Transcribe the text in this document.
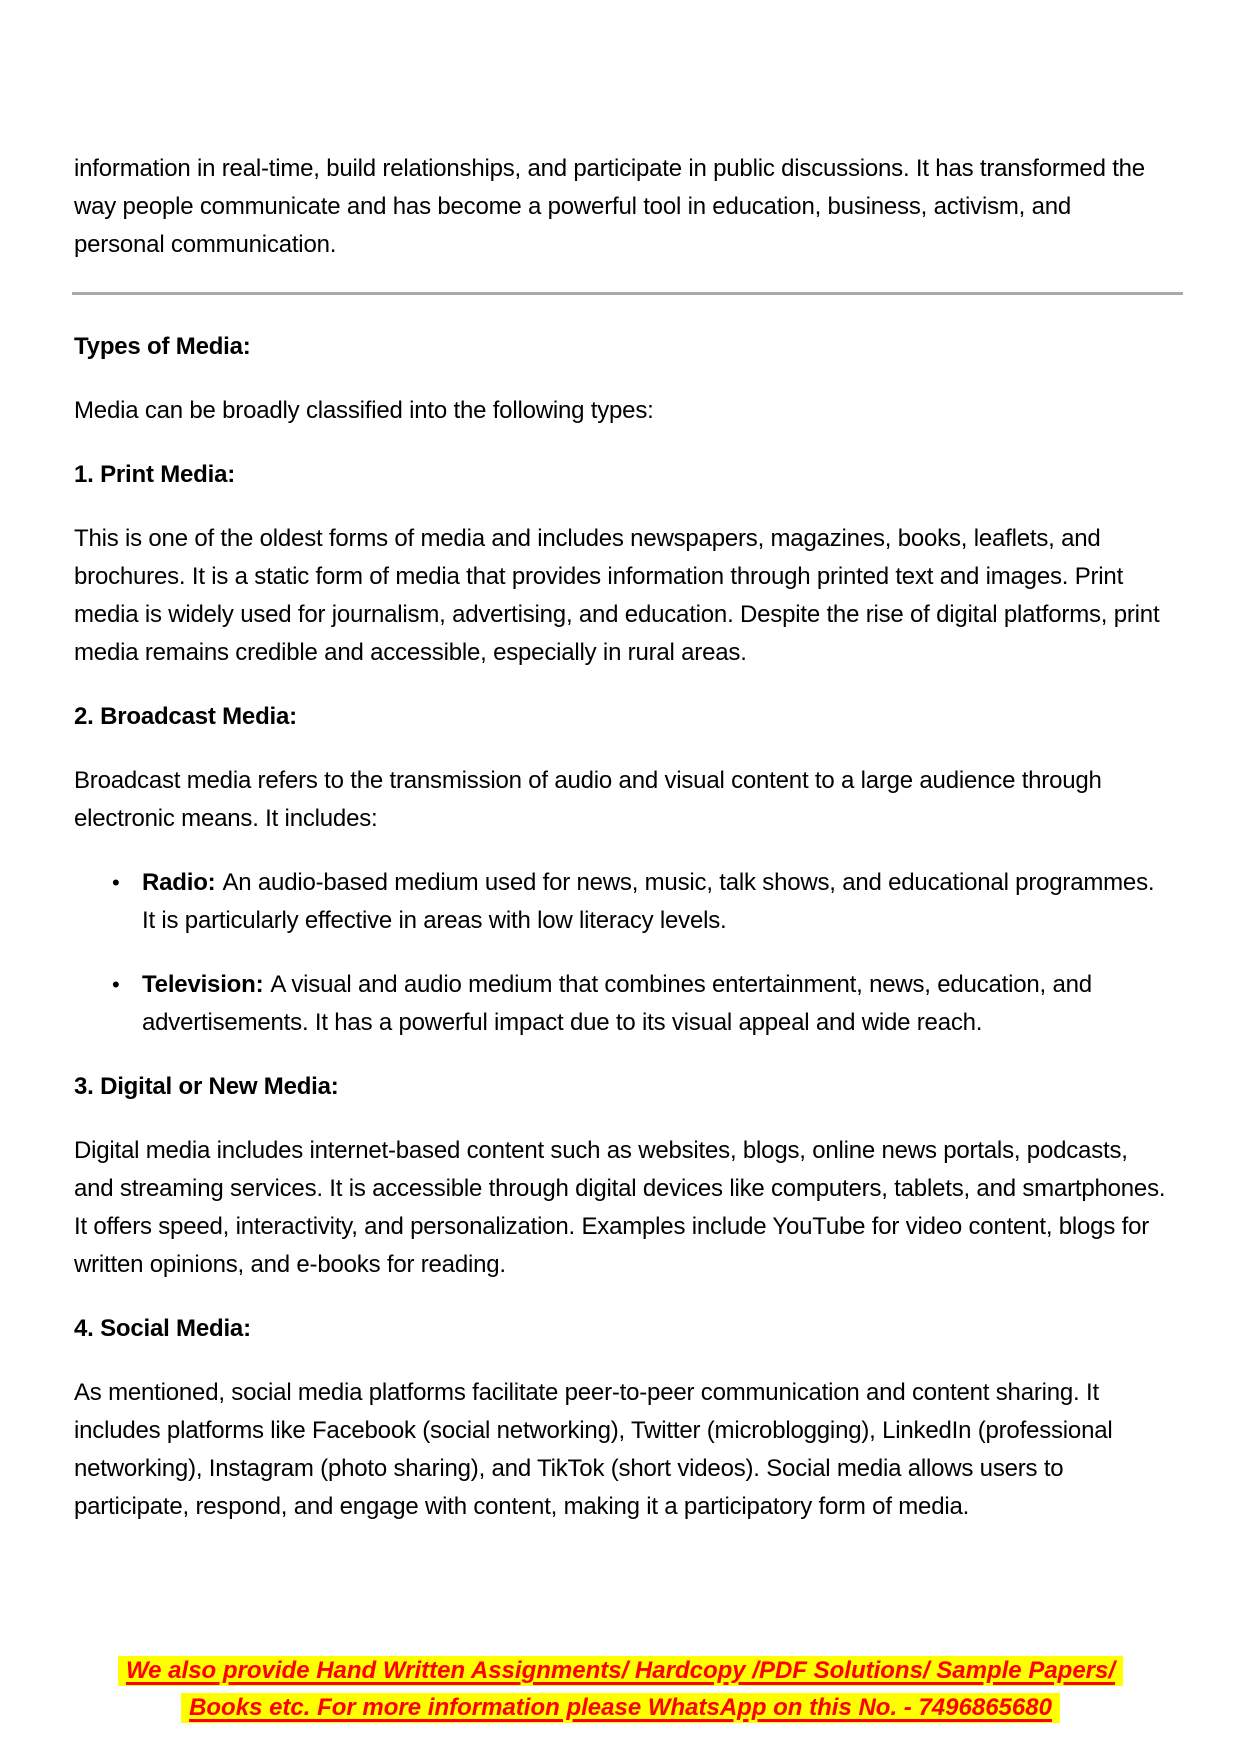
information in real-time, build relationships, and participate in public discussions. It has transformed the way people communicate and has become a powerful tool in education, business, activism, and personal communication.

Types of Media:

Media can be broadly classified into the following types:

1. Print Media:

This is one of the oldest forms of media and includes newspapers, magazines, books, leaflets, and brochures. It is a static form of media that provides information through printed text and images. Print media is widely used for journalism, advertising, and education. Despite the rise of digital platforms, print media remains credible and accessible, especially in rural areas.

2. Broadcast Media:

Broadcast media refers to the transmission of audio and visual content to a large audience through electronic means. It includes:

• Radio: An audio-based medium used for news, music, talk shows, and educational programmes. It is particularly effective in areas with low literacy levels.
• Television: A visual and audio medium that combines entertainment, news, education, and advertisements. It has a powerful impact due to its visual appeal and wide reach.

3. Digital or New Media:

Digital media includes internet-based content such as websites, blogs, online news portals, podcasts, and streaming services. It is accessible through digital devices like computers, tablets, and smartphones. It offers speed, interactivity, and personalization. Examples include YouTube for video content, blogs for written opinions, and e-books for reading.

4. Social Media:

As mentioned, social media platforms facilitate peer-to-peer communication and content sharing. It includes platforms like Facebook (social networking), Twitter (microblogging), LinkedIn (professional networking), Instagram (photo sharing), and TikTok (short videos). Social media allows users to participate, respond, and engage with content, making it a participatory form of media.

We also provide Hand Written Assignments/ Hardcopy /PDF Solutions/ Sample Papers/
Books etc. For more information please WhatsApp on this No. - 7496865680
